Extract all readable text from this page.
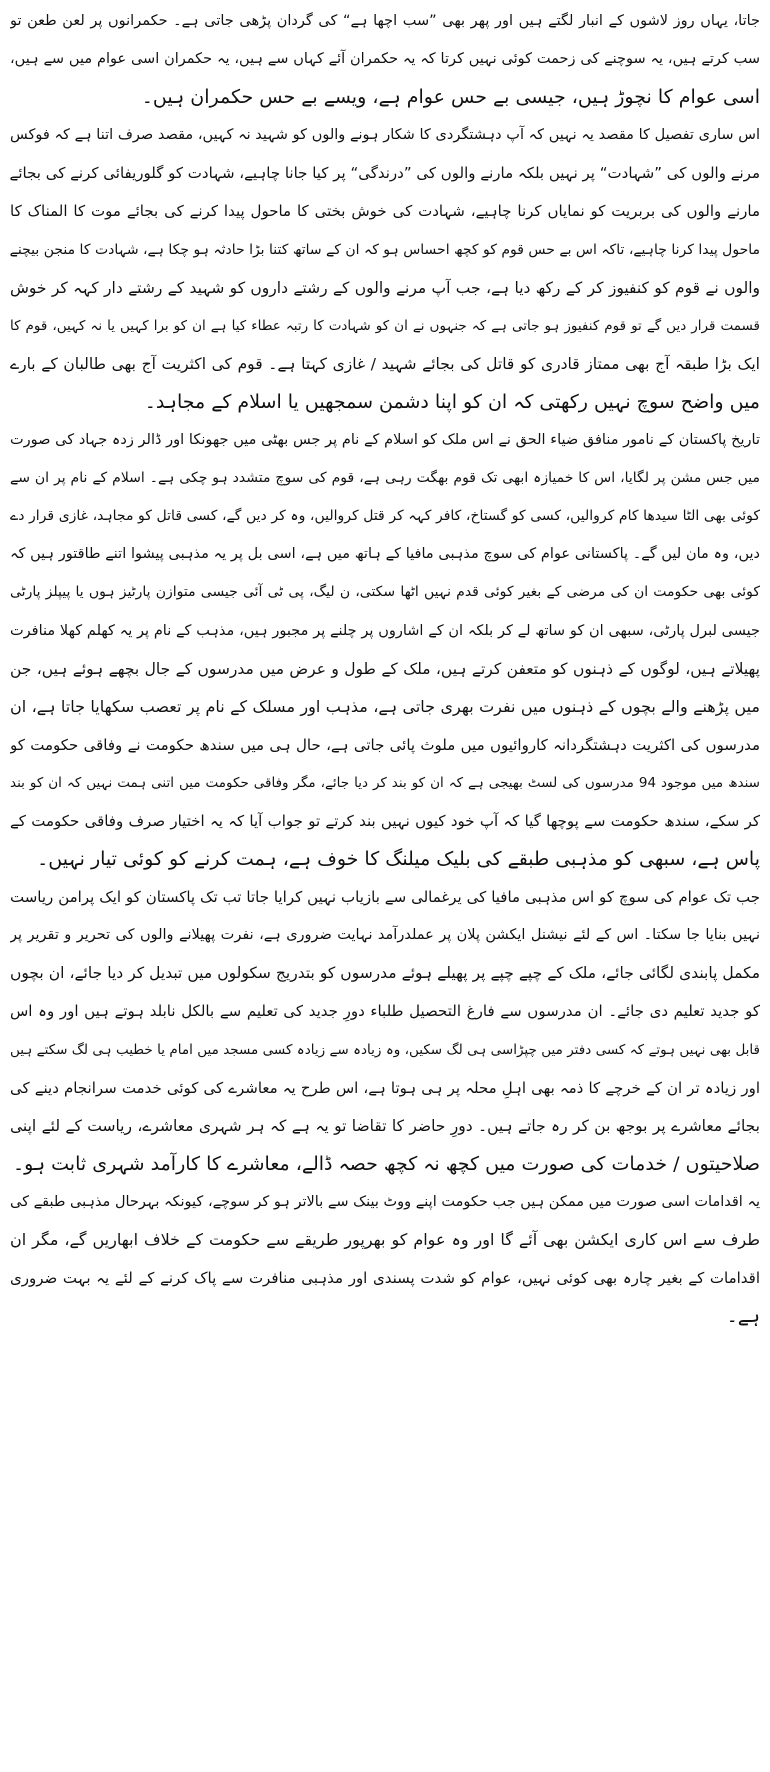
جاتا، یہاں روز لاشوں کے انبار لگتے ہیں اور پھر بھی ”سب اچھا ہے“ کی گردان پڑھی جاتی ہے۔ حکمرانوں پر لعن طعن تو
سب کرتے ہیں، یہ سوچنے کی زحمت کوئی نہیں کرتا کہ یہ حکمران آئے کہاں سے ہیں، یہ حکمران اسی عوام میں سے ہیں،
اسی عوام کا نچوڑ ہیں، جیسی بے حس عوام ہے، ویسے بے حس حکمران ہیں۔
اس ساری تفصیل کا مقصد یہ نہیں کہ آپ دہشتگردی کا شکار ہونے والوں کو شہید نہ کہیں، مقصد صرف اتنا ہے کہ فوکس
مرنے والوں کی ”شہادت“ پر نہیں بلکہ مارنے والوں کی ”درندگی“ پر کیا جانا چاہیے، شہادت کو گلوریفائی کرنے کی بجائے
مارنے والوں کی بربریت کو نمایاں کرنا چاہیے، شہادت کی خوش بختی کا ماحول پیدا کرنے کی بجائے موت کا المناک کا
ماحول پیدا کرنا چاہیے، تاکہ اس بے حس قوم کو کچھ احساس ہو کہ ان کے ساتھ کتنا بڑا حادثہ ہو چکا ہے، شہادت کا منجن بیچنے
والوں نے قوم کو کنفیوز کر کے رکھ دیا ہے، جب آپ مرنے والوں کے رشتے داروں کو شہید کے رشتے دار کہہ کر خوش
قسمت قرار دیں گے تو قوم کنفیوز ہو جاتی ہے کہ جنہوں نے ان کو شہادت کا رتبہ عطاء کیا ہے ان کو برا کہیں یا نہ کہیں، قوم کا
ایک بڑا طبقہ آج بھی ممتاز قادری کو قاتل کی بجائے شہید / غازی کہتا ہے۔ قوم کی اکثریت آج بھی طالبان کے بارے
میں واضح سوچ نہیں رکھتی کہ ان کو اپنا دشمن سمجھیں یا اسلام کے مجاہد۔
تاریخ پاکستان کے نامور منافق ضیاء الحق نے اس ملک کو اسلام کے نام پر جس بھٹی میں جھونکا اور ڈالر زدہ جہاد کی صورت
میں جس مشن پر لگایا، اس کا خمیازہ ابھی تک قوم بھگت رہی ہے، قوم کی سوچ متشدد ہو چکی ہے۔ اسلام کے نام پر ان سے
کوئی بھی الٹا سیدھا کام کروالیں، کسی کو گستاخ، کافر کہہ کر قتل کروالیں، وہ کر دیں گے، کسی قاتل کو مجاہد، غازی قرار دے
دیں، وہ مان لیں گے۔ پاکستانی عوام کی سوچ مذہبی مافیا کے ہاتھ میں ہے، اسی بل پر یہ مذہبی پیشوا اتنے طاقتور ہیں کہ
کوئی بھی حکومت ان کی مرضی کے بغیر کوئی قدم نہیں اٹھا سکتی، ن لیگ، پی ٹی آئی جیسی متوازن پارٹیز ہوں یا پیپلز پارٹی
جیسی لبرل پارٹی، سبھی ان کو ساتھ لے کر بلکہ ان کے اشاروں پر چلنے پر مجبور ہیں، مذہب کے نام پر یہ کھلم کھلا منافرت
پھیلاتے ہیں، لوگوں کے ذہنوں کو متعفن کرتے ہیں، ملک کے طول و عرض میں مدرسوں کے جال بچھے ہوئے ہیں، جن
میں پڑھنے والے بچوں کے ذہنوں میں نفرت بھری جاتی ہے، مذہب اور مسلک کے نام پر تعصب سکھایا جاتا ہے، ان
مدرسوں کی اکثریت دہشتگردانہ کاروائیوں میں ملوث پائی جاتی ہے، حال ہی میں سندھ حکومت نے وفاقی حکومت کو
سندھ میں موجود 94 مدرسوں کی لسٹ بھیجی ہے کہ ان کو بند کر دیا جائے، مگر وفاقی حکومت میں اتنی ہمت نہیں کہ ان کو بند
کر سکے، سندھ حکومت سے پوچھا گیا کہ آپ خود کیوں نہیں بند کرتے تو جواب آیا کہ یہ اختیار صرف وفاقی حکومت کے
پاس ہے، سبھی کو مذہبی طبقے کی بلیک میلنگ کا خوف ہے، ہمت کرنے کو کوئی تیار نہیں۔
جب تک عوام کی سوچ کو اس مذہبی مافیا کی یرغمالی سے بازیاب نہیں کرایا جاتا تب تک پاکستان کو ایک پرامن ریاست
نہیں بنایا جا سکتا۔ اس کے لئے نیشنل ایکشن پلان پر عملدرآمد نہایت ضروری ہے، نفرت پھیلانے والوں کی تحریر و تقریر پر
مکمل پابندی لگائی جائے، ملک کے چپے چپے پر پھیلے ہوئے مدرسوں کو بتدریج سکولوں میں تبدیل کر دیا جائے، ان بچوں
کو جدید تعلیم دی جائے۔ ان مدرسوں سے فارغ التحصیل طلباء دورِ جدید کی تعلیم سے بالکل نابلد ہوتے ہیں اور وہ اس
قابل بھی نہیں ہوتے کہ کسی دفتر میں چپڑاسی ہی لگ سکیں، وہ زیادہ سے زیادہ کسی مسجد میں امام یا خطیب ہی لگ سکتے ہیں
اور زیادہ تر ان کے خرچے کا ذمہ بھی اہلِ محلہ پر ہی ہوتا ہے، اس طرح یہ معاشرے کی کوئی خدمت سرانجام دینے کی
بجائے معاشرے پر بوجھ بن کر رہ جاتے ہیں۔ دورِ حاضر کا تقاضا تو یہ ہے کہ ہر شہری معاشرے، ریاست کے لئے اپنی
صلاحیتوں / خدمات کی صورت میں کچھ نہ کچھ حصہ ڈالے، معاشرے کا کارآمد شہری ثابت ہو۔
یہ اقدامات اسی صورت میں ممکن ہیں جب حکومت اپنے ووٹ بینک سے بالاتر ہو کر سوچے، کیونکہ بہرحال مذہبی طبقے کی
طرف سے اس کاری ایکشن بھی آئے گا اور وہ عوام کو بھرپور طریقے سے حکومت کے خلاف ابھاریں گے، مگر ان
اقدامات کے بغیر چارہ بھی کوئی نہیں، عوام کو شدت پسندی اور مذہبی منافرت سے پاک کرنے کے لئے یہ بہت ضروری
ہے۔
